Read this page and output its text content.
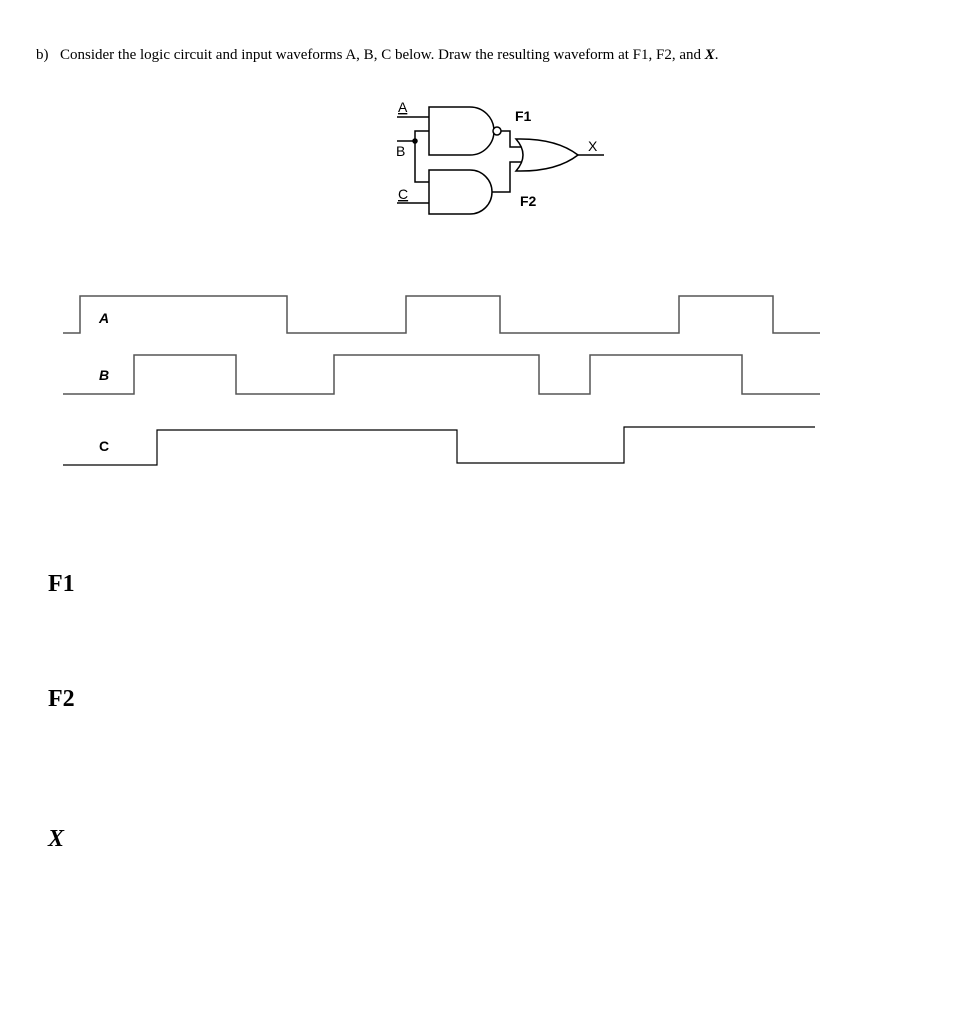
b) Consider the logic circuit and input waveforms A, B, C below. Draw the resulting waveform at F1, F2, and X.
A
B
C
F1
F2
X
A
B
C
F1
F2
X
